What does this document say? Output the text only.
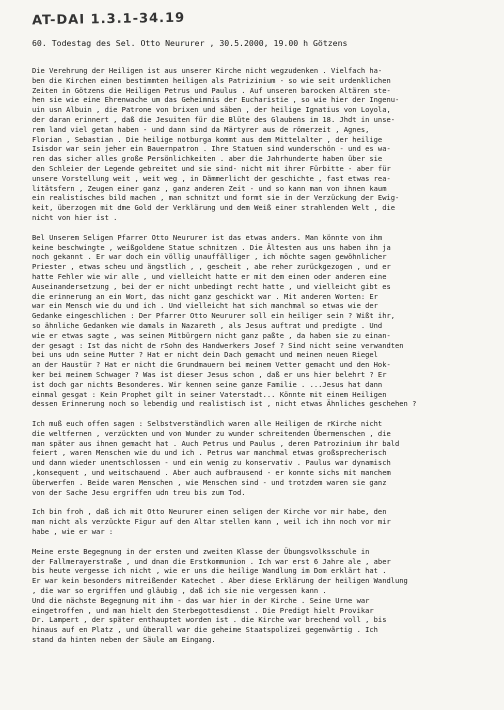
AT-DAI 1.3.1-34.19
60. Todestag des Sel. Otto Neururer , 30.5.2000, 19.00 h Götzens

Die Verehrung der Heiligen ist aus unserer Kirche nicht wegzudenken . Vielfach ha-
ben die Kirchen einen bestimmten heiligen als Patrizinium - so wie seit urdenklichen
Zeiten in Götzens die Heiligen Petrus und Paulus . Auf unseren barocken Altären ste-
hen sie wie eine Ehrenwache um das Geheimnis der Eucharistie , so wie hier der Ingenu-
uin usn Albuin , die Patrone von brixen und säben , der heilige Ignatius von Loyola,
der daran erinnert , daß die Jesuiten für die Blüte des Glaubens im 18. Jhdt in unse-
rem land viel getan haben - und dann sind da Märtyrer aus de römerzeit , Agnes,
Florian , Sebastian . Die heilige notburga kommt aus dem Mittelalter , der heilige
Isisdor war sein jeher ein Bauernpatron . Ihre Statuen sind wunderschön - und es wa-
ren das sicher alles große Persönlichkeiten . aber die Jahrhunderte haben über sie
den Schleier der Legende gebreitet und sie sind- nicht mit ihrer Fürbitte - aber für
unsere Vorstellung weit , weit weg , in Dämmerlicht der geschichte , fast etwas rea-
litätsfern , Zeugen einer ganz , ganz anderen Zeit - und so kann man von ihnen kaum
ein realistisches bild machen , man schnitzt und formt sie in der Verzückung der Ewig-
keit, überzogen mit dme Gold der Verklärung und dem Weiß einer strahlenden Welt , die
nicht von hier ist .

Bel Unserem Seligen Pfarrer Otto Neururer ist das etwas anders. Man könnte von ihm
keine beschwingte , weißgoldene Statue schnitzen . Die Ältesten aus uns haben ihn ja
noch gekannt . Er war doch ein völlig unauffälliger , ich möchte sagen gewöhnlicher
Priester , etwas scheu und ängstlich , , gescheit , abe reher zurückgezogen , und er
hatte Fehler wie wir alle , und vielleicht hatte er mit dem einen oder anderen eine
Auseinandersetzung , bei der er nicht unbedingt recht hatte , und vielleicht gibt es
die erinnerung an ein Wort, das nicht ganz geschickt war . Mit anderen Worten: Er
war ein Mensch wie du und ich . Und vielleicht hat sich manchmal so etwas wie der
Gedanke eingeschlichen : Der Pfarrer Otto Neururer soll ein heiliger sein ? Wißt ihr,
so ähnliche Gedanken wie damals in Nazareth , als Jesus auftrat und predigte . Und
wie er etwas sagte , was seinen Mitbürgern nicht ganz paßte , da haben sie zu einan-
der gesagt : Ist das nicht de rSohn des Handwerkers Josef ? Sind nicht seine verwandten
bei uns udn seine Mutter ? Hat er nicht dein Dach gemacht und meinen neuen Riegel
an der Haustür ? Hat er nicht die Grundmauern bei meinem Vetter gemacht und den Hok-
ker bei meinem Schwager ? Was ist dieser Jesus schon , daß er uns hier belehrt ? Er
ist doch gar nichts Besonderes. Wir kennen seine ganze Familie . ...Jesus hat dann
einmal gesgat : Kein Prophet gilt in seiner Vaterstadt... Könnte mit einem Heiligen
dessen Erinnerung noch so lebendig und realistisch ist , nicht etwas Ähnliches geschehen ?

Ich muß euch offen sagen : Selbstverständlich waren alle Heiligen de rKirche nicht
die weltfernen , verzückten und von Wunder zu wunder schreitenden Übermenschen , die
man später aus ihnen gemacht hat . Auch Petrus und Paulus , deren Patrozinium ihr bald
feiert , waren Menschen wie du und ich . Petrus war manchmal etwas großsprecherisch
und dann wieder unentschlossen - und ein wenig zu konservativ . Paulus war dynamisch
,konsequent , und weitschauend . Aber auch aufbrausend - er konnte sichs mit manchem
überwerfen . Beide waren Menschen , wie Menschen sind - und trotzdem waren sie ganz
von der Sache Jesu ergriffen udn treu bis zum Tod.

Ich bin froh , daß ich mit Otto Neururer einen seligen der Kirche vor mir habe, den
man nicht als verzückte Figur auf den Altar stellen kann , weil ich ihn noch vor mir
habe , wie er war :

Meine erste Begegnung in der ersten und zweiten Klasse der Übungsvolksschule in
der Fallmerayerstraße , und dnan die Erstkommunion . Ich war erst 6 Jahre ale , aber
bis heute vergesse ich nicht , wie er uns die heilige Wandlung im Dom erklärt hat .
Er war kein besonders mitreißender Katechet . Aber diese Erklärung der heiligen Wandlung
, die war so ergriffen und gläubig , daß ich sie nie vergessen kann .
Und die nächste Begegnung mit ihm - das war hier in der Kirche . Seine Urne war
eingetroffen , und man hielt den Sterbegottesdienst . Die Predigt hielt Provikar
Dr. Lampert , der später enthauptet worden ist . die Kirche war brechend voll , bis
hinaus auf en Platz , und überall war die geheime Staatspolizei gegenwärtig . Ich
stand da hinten neben der Säule am Eingang.
